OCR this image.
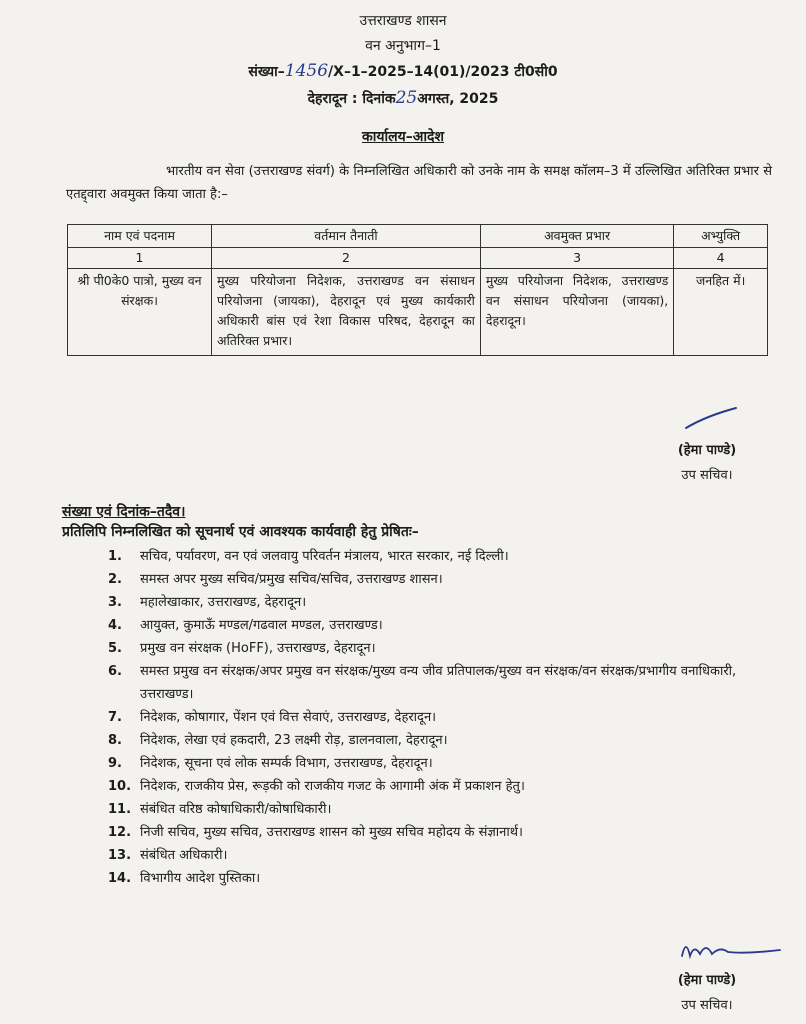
उत्तराखण्ड शासन
वन अनुभाग–1
संख्या–1456/X–1–2025–14(01)/2023 टी0सी0
देहरादून : दिनांक25अगस्त, 2025
कार्यालय–आदेश

भारतीय वन सेवा (उत्तराखण्ड संवर्ग) के निम्नलिखित अधिकारी को उनके नाम के समक्ष कॉलम–3 में उल्लिखित अतिरिक्त प्रभार से एतद्द्वारा अवमुक्त किया जाता है:–

नाम एवं पदनाम	वर्तमान तैनाती	अवमुक्त प्रभार	अभ्युक्ति
1	2	3	4
श्री पी0के0 पात्रो, मुख्य वन संरक्षक।	मुख्य परियोजना निदेशक, उत्तराखण्ड वन संसाधन परियोजना (जायका), देहरादून एवं मुख्य कार्यकारी अधिकारी बांस एवं रेशा विकास परिषद, देहरादून का अतिरिक्त प्रभार।	मुख्य परियोजना निदेशक, उत्तराखण्ड वन संसाधन परियोजना (जायका), देहरादून।	जनहित में।
(हेमा पाण्डे)
उप सचिव।
संख्या एवं दिनांक–तदैव।
प्रतिलिपि निम्नलिखित को सूचनार्थ एवं आवश्यक कार्यवाही हेतु प्रेषितः–
1. सचिव, पर्यावरण, वन एवं जलवायु परिवर्तन मंत्रालय, भारत सरकार, नई दिल्ली।
2. समस्त अपर मुख्य सचिव/प्रमुख सचिव/सचिव, उत्तराखण्ड शासन।
3. महालेखाकार, उत्तराखण्ड, देहरादून।
4. आयुक्त, कुमाऊँ मण्डल/गढवाल मण्डल, उत्तराखण्ड।
5. प्रमुख वन संरक्षक (HoFF), उत्तराखण्ड, देहरादून।
6. समस्त प्रमुख वन संरक्षक/अपर प्रमुख वन संरक्षक/मुख्य वन्य जीव प्रतिपालक/मुख्य वन संरक्षक/वन संरक्षक/प्रभागीय वनाधिकारी, उत्तराखण्ड।
7. निदेशक, कोषागार, पेंशन एवं वित्त सेवाएं, उत्तराखण्ड, देहरादून।
8. निदेशक, लेखा एवं हकदारी, 23 लक्ष्मी रोड़, डालनवाला, देहरादून।
9. निदेशक, सूचना एवं लोक सम्पर्क विभाग, उत्तराखण्ड, देहरादून।
10. निदेशक, राजकीय प्रेस, रूड़की को राजकीय गजट के आगामी अंक में प्रकाशन हेतु।
11. संबंधित वरिष्ठ कोषाधिकारी/कोषाधिकारी।
12. निजी सचिव, मुख्य सचिव, उत्तराखण्ड शासन को मुख्य सचिव महोदय के संज्ञानार्थ।
13. संबंधित अधिकारी।
14. विभागीय आदेश पुस्तिका।
(हेमा पाण्डे)
उप सचिव।
